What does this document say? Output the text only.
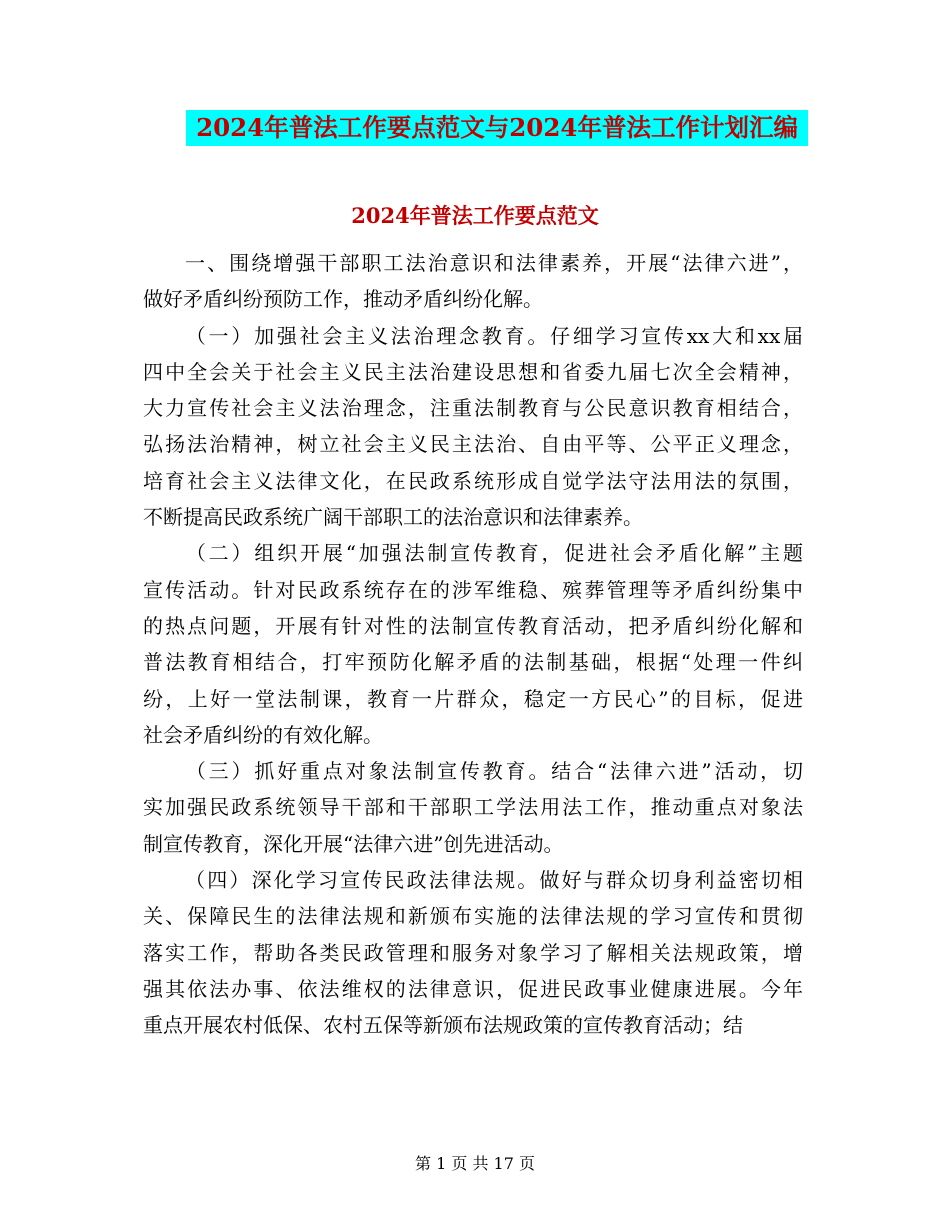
2024年普法工作要点范文与2024年普法工作计划汇编
2024年普法工作要点范文

一、围绕增强干部职工法治意识和法律素养，开展“法律六进”，
做好矛盾纠纷预防工作，推动矛盾纠纷化解。

（一）加强社会主义法治理念教育。仔细学习宣传xx大和xx届
四中全会关于社会主义民主法治建设思想和省委九届七次全会精神，
大力宣传社会主义法治理念，注重法制教育与公民意识教育相结合，
弘扬法治精神，树立社会主义民主法治、自由平等、公平正义理念，
培育社会主义法律文化，在民政系统形成自觉学法守法用法的氛围，
不断提高民政系统广阔干部职工的法治意识和法律素养。

（二）组织开展“加强法制宣传教育，促进社会矛盾化解”主题
宣传活动。针对民政系统存在的涉军维稳、殡葬管理等矛盾纠纷集中
的热点问题，开展有针对性的法制宣传教育活动，把矛盾纠纷化解和
普法教育相结合，打牢预防化解矛盾的法制基础，根据“处理一件纠
纷，上好一堂法制课，教育一片群众，稳定一方民心”的目标，促进
社会矛盾纠纷的有效化解。

（三）抓好重点对象法制宣传教育。结合“法律六进”活动，切
实加强民政系统领导干部和干部职工学法用法工作，推动重点对象法
制宣传教育，深化开展“法律六进”创先进活动。

（四）深化学习宣传民政法律法规。做好与群众切身利益密切相
关、保障民生的法律法规和新颁布实施的法律法规的学习宣传和贯彻
落实工作，帮助各类民政管理和服务对象学习了解相关法规政策，增
强其依法办事、依法维权的法律意识，促进民政事业健康进展。今年
重点开展农村低保、农村五保等新颁布法规政策的宣传教育活动；结

第 1 页 共 17 页
